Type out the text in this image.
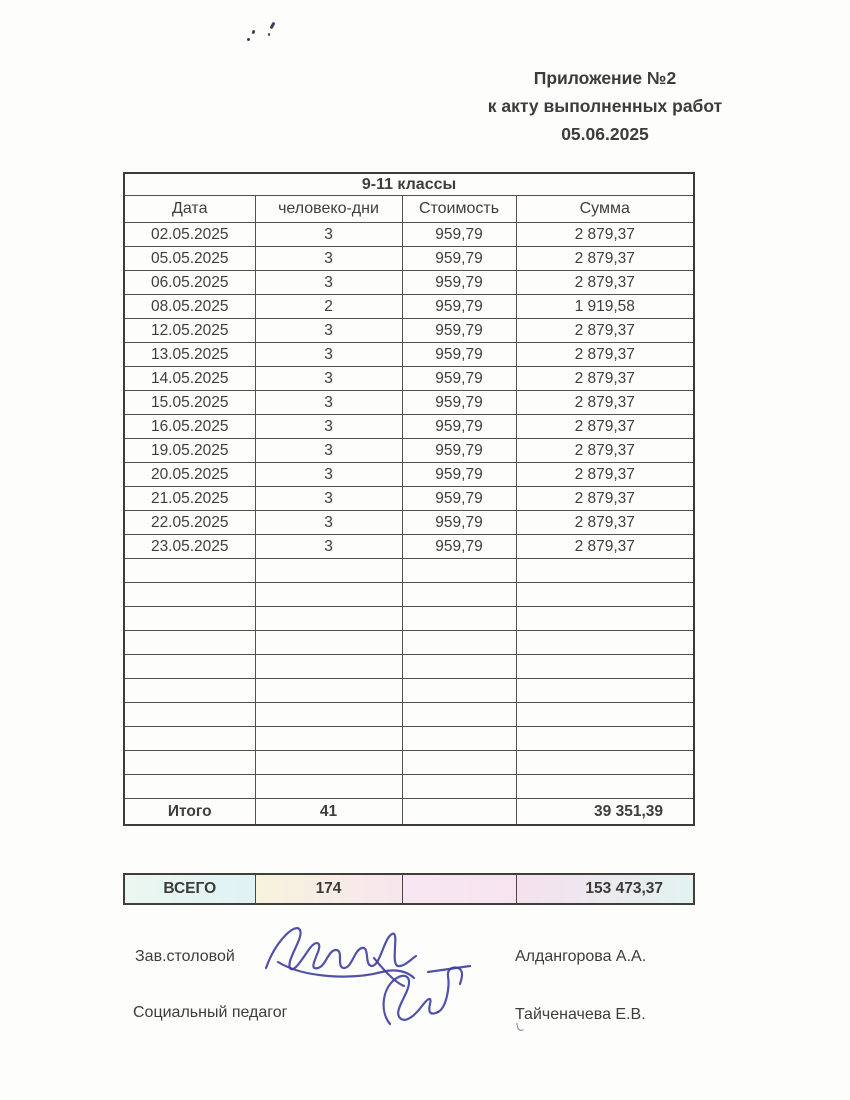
Приложение №2
к акту выполненных работ
05.06.2025
9-11 классы			
Дата	человеко-дни	Стоимость	Сумма
02.05.2025	3	959,79	2 879,37
05.05.2025	3	959,79	2 879,37
06.05.2025	3	959,79	2 879,37
08.05.2025	2	959,79	1 919,58
12.05.2025	3	959,79	2 879,37
13.05.2025	3	959,79	2 879,37
14.05.2025	3	959,79	2 879,37
15.05.2025	3	959,79	2 879,37
16.05.2025	3	959,79	2 879,37
19.05.2025	3	959,79	2 879,37
20.05.2025	3	959,79	2 879,37
21.05.2025	3	959,79	2 879,37
22.05.2025	3	959,79	2 879,37
23.05.2025	3	959,79	2 879,37

Итого	41		39 351,39
ВСЕГО	174		153 473,37
Зав.столовой	Алдангорова А.А.
Социальный педагог	Тайченачева Е.В.
